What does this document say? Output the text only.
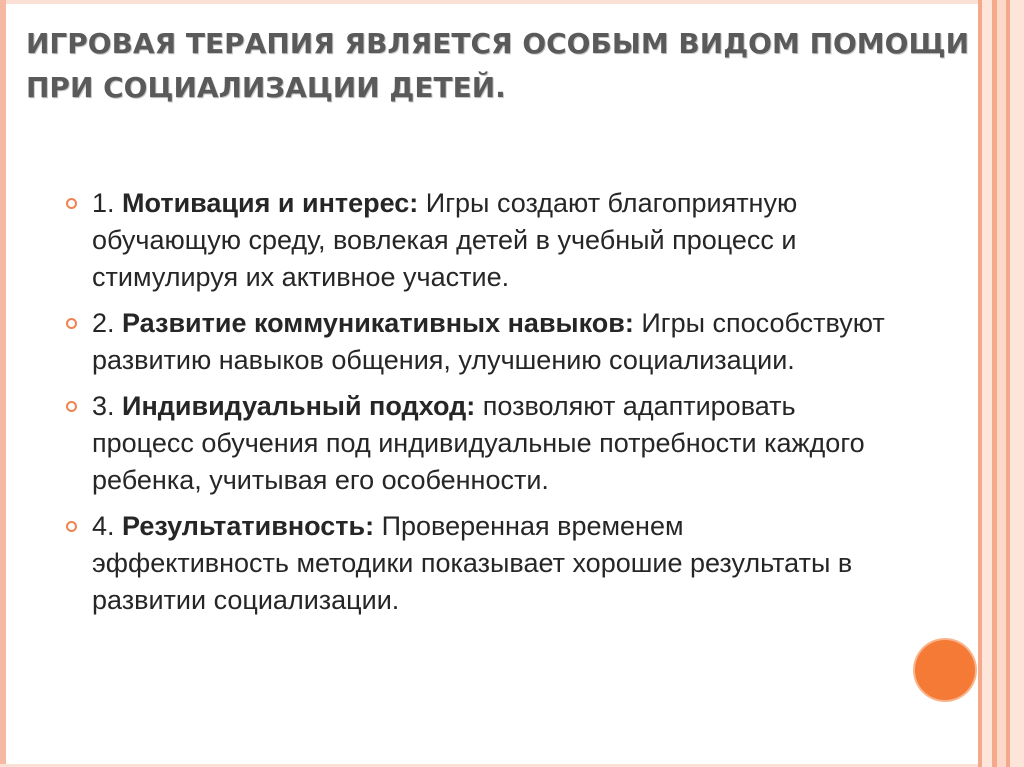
ИГРОВАЯ ТЕРАПИЯ ЯВЛЯЕТСЯ ОСОБЫМ ВИДОМ ПОМОЩИ ПРИ СОЦИАЛИЗАЦИИ ДЕТЕЙ.
1. Мотивация и интерес: Игры создают благоприятную обучающую среду, вовлекая детей в учебный процесс и стимулируя их активное участие.
2. Развитие коммуникативных навыков: Игры способствуют развитию навыков общения, улучшению социализации.
3. Индивидуальный подход: позволяют адаптировать процесс обучения под индивидуальные потребности каждого ребенка, учитывая его особенности.
4. Результативность: Проверенная временем эффективность методики показывает хорошие результаты в развитии социализации.
